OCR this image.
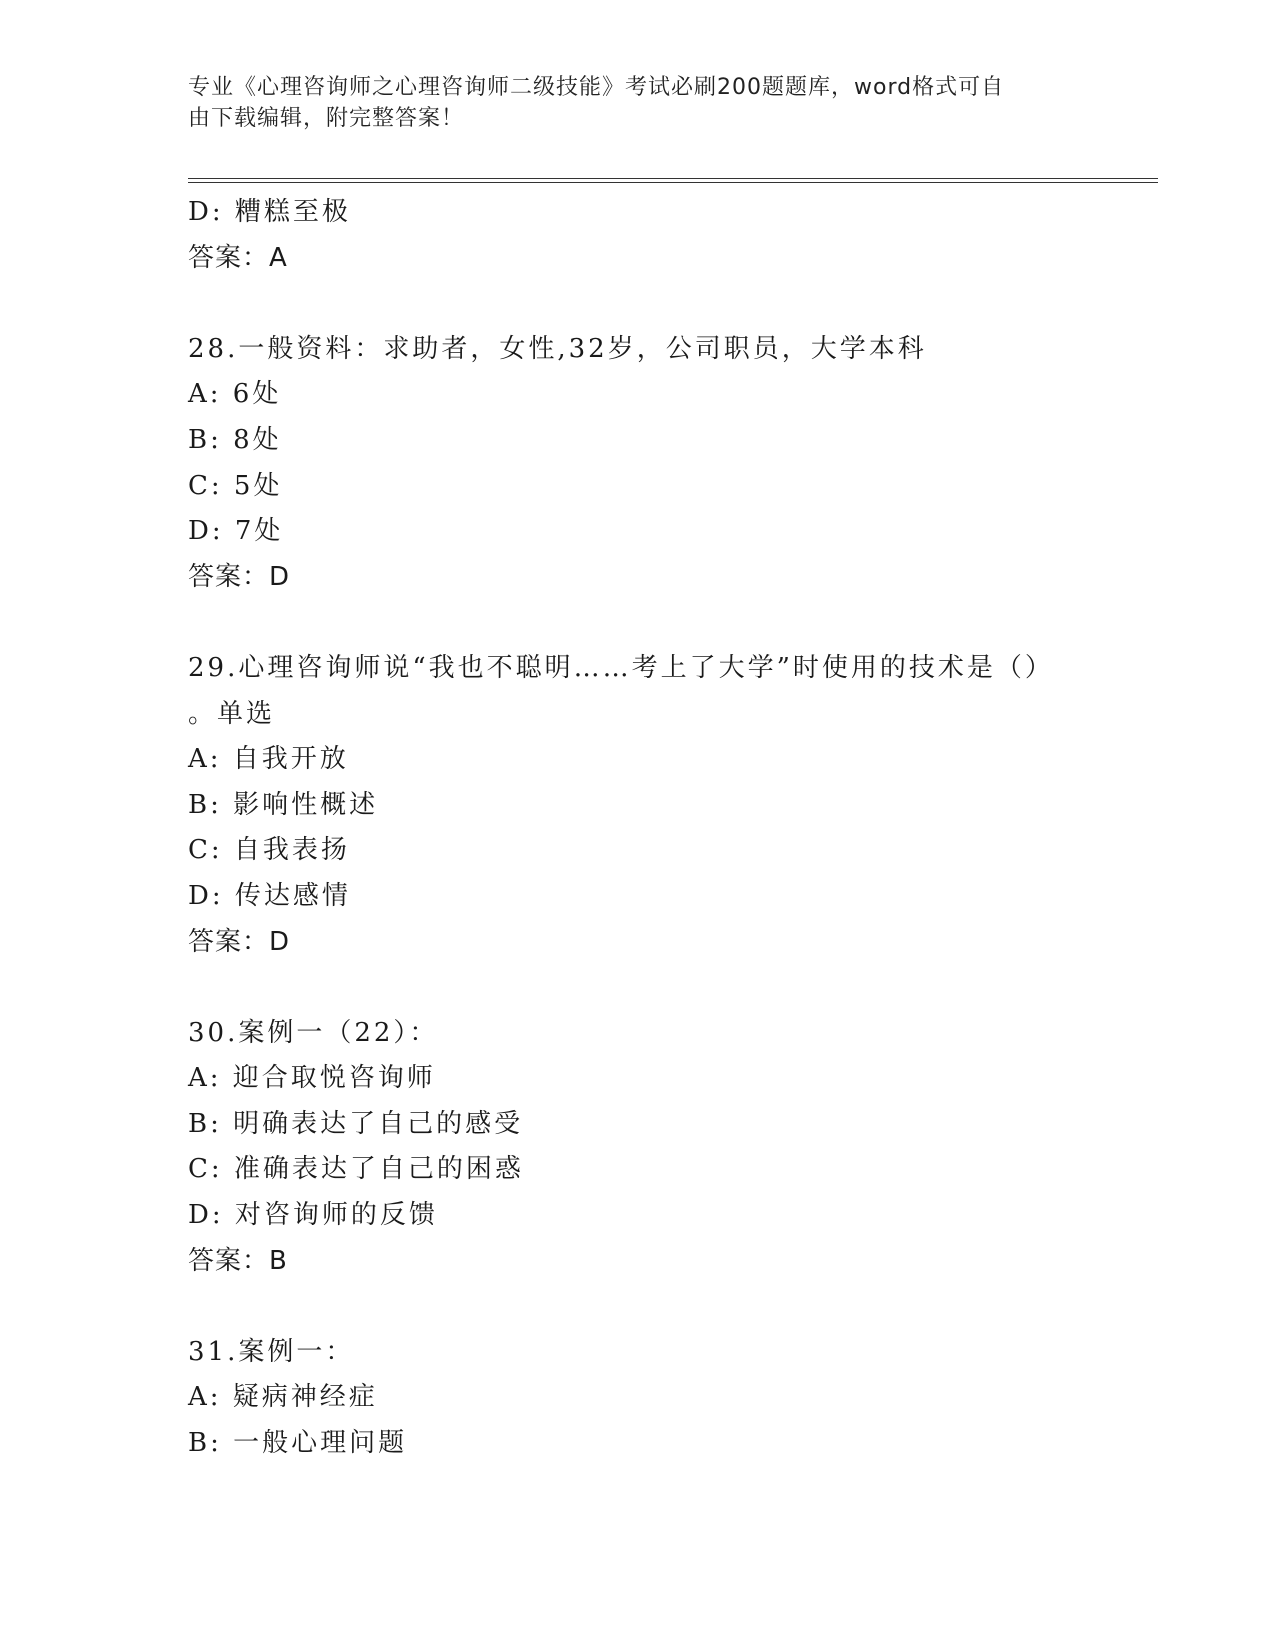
专业《心理咨询师之心理咨询师二级技能》考试必刷200题题库，word格式可自
由下载编辑，附完整答案！
D: 糟糕至极
答案：A
28.一般资料：求助者，女性,32岁，公司职员，大学本科
A: 6处
B: 8处
C: 5处
D: 7处
答案：D
29.心理咨询师说“我也不聪明……考上了大学”时使用的技术是（）
。单选
A: 自我开放
B: 影响性概述
C: 自我表扬
D: 传达感情
答案：D
30.案例一（22）：
A: 迎合取悦咨询师
B: 明确表达了自己的感受
C: 准确表达了自己的困惑
D: 对咨询师的反馈
答案：B
31.案例一：
A: 疑病神经症
B: 一般心理问题
